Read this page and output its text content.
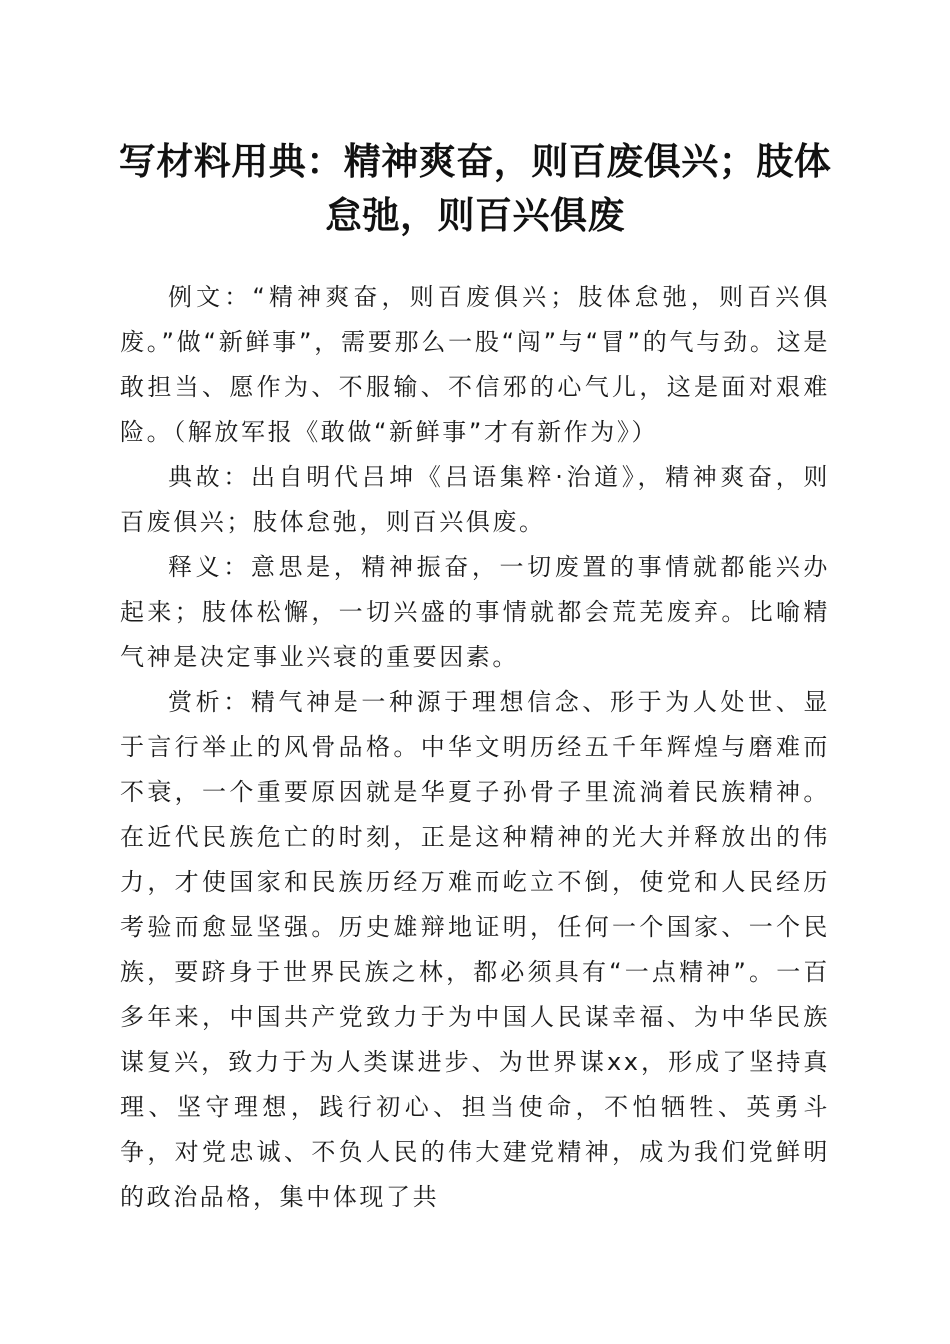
写材料用典：精神爽奋，则百废俱兴；肢体怠弛，则百兴俱废

例文：“精神爽奋，则百废俱兴；肢体怠弛，则百兴俱废。”做“新鲜事”，需要那么一股“闯”与“冒”的气与劲。这是敢担当、愿作为、不服输、不信邪的心气儿，这是面对艰难险。（解放军报《敢做“新鲜事”才有新作为》）

典故：出自明代吕坤《吕语集粹·治道》，精神爽奋，则百废俱兴；肢体怠弛，则百兴俱废。

释义：意思是，精神振奋，一切废置的事情就都能兴办起来；肢体松懈，一切兴盛的事情就都会荒芜废弃。比喻精气神是决定事业兴衰的重要因素。

赏析：精气神是一种源于理想信念、形于为人处世、显于言行举止的风骨品格。中华文明历经五千年辉煌与磨难而不衰，一个重要原因就是华夏子孙骨子里流淌着民族精神。在近代民族危亡的时刻，正是这种精神的光大并释放出的伟力，才使国家和民族历经万难而屹立不倒，使党和人民经历考验而愈显坚强。历史雄辩地证明，任何一个国家、一个民族，要跻身于世界民族之林，都必须具有“一点精神”。一百多年来，中国共产党致力于为中国人民谋幸福、为中华民族谋复兴，致力于为人类谋进步、为世界谋xx，形成了坚持真理、坚守理想，践行初心、担当使命，不怕牺牲、英勇斗争，对党忠诚、不负人民的伟大建党精神，成为我们党鲜明的政治品格，集中体现了共
